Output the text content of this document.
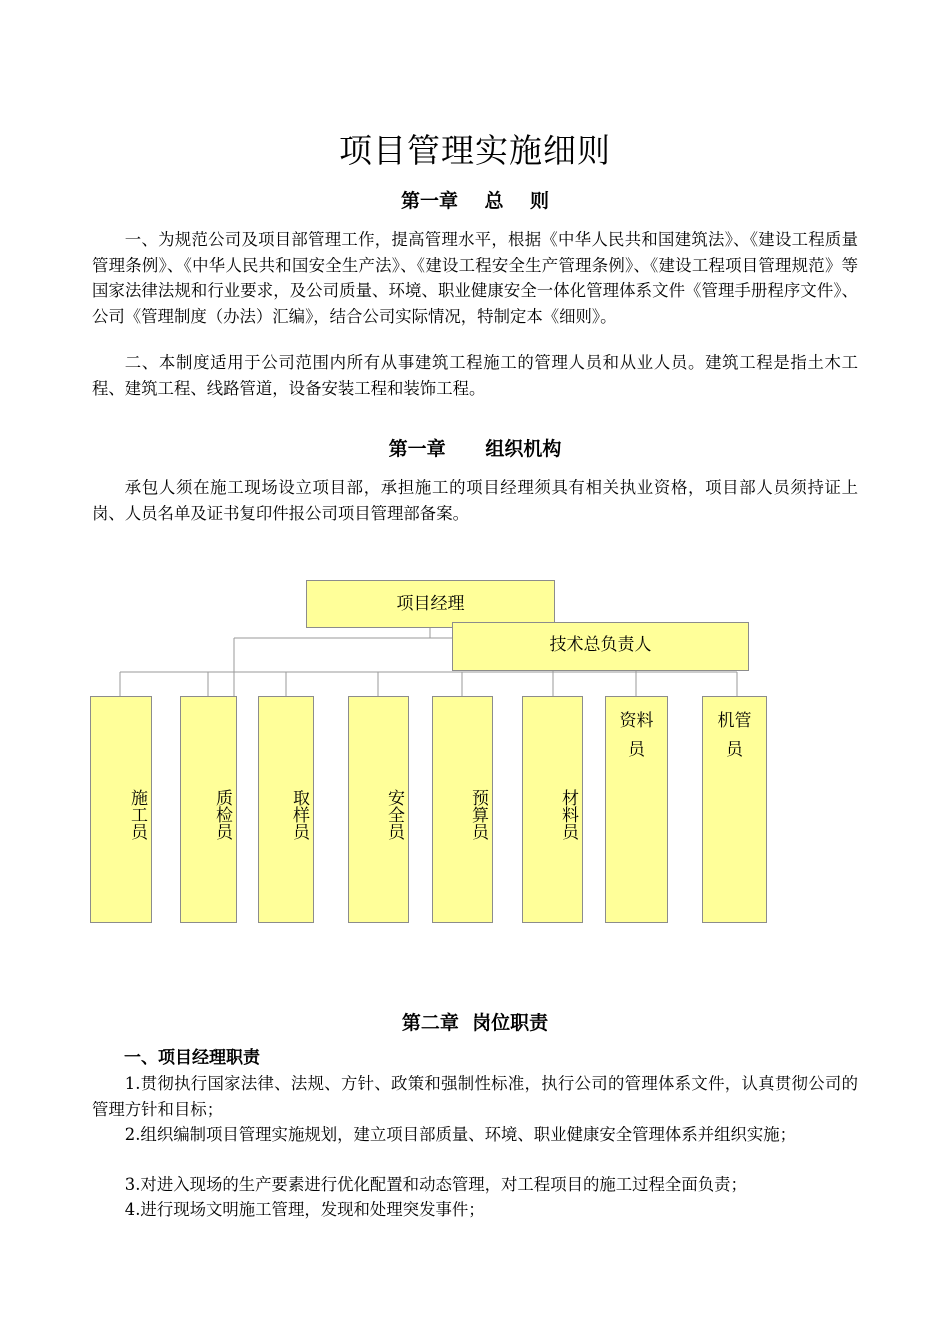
项目管理实施细则
第一章    总    则

一、为规范公司及项目部管理工作，提高管理水平，根据《中华人民共和国建筑法》、《建设工程质量管理条例》、《中华人民共和国安全生产法》、《建设工程安全生产管理条例》、《建设工程项目管理规范》等国家法律法规和行业要求，及公司质量、环境、职业健康安全一体化管理体系文件《管理手册程序文件》、公司《管理制度（办法）汇编》，结合公司实际情况，特制定本《细则》。

二、本制度适用于公司范围内所有从事建筑工程施工的管理人员和从业人员。建筑工程是指土木工程、建筑工程、线路管道，设备安装工程和装饰工程。

第一章      组织机构

承包人须在施工现场设立项目部，承担施工的项目经理须具有相关执业资格，项目部人员须持证上岗、人员名单及证书复印件报公司项目管理部备案。

项目经理
技术总负责人
施工员	质检员	取样员	安全员	预算员	材料员
资料员
机管员
第二章  岗位职责
一、项目经理职责

1.贯彻执行国家法律、法规、方针、政策和强制性标准，执行公司的管理体系文件，认真贯彻公司的管理方针和目标；

2.组织编制项目管理实施规划，建立项目部质量、环境、职业健康安全管理体系并组织实施；

3.对进入现场的生产要素进行优化配置和动态管理，对工程项目的施工过程全面负责；

4.进行现场文明施工管理，发现和处理突发事件；
